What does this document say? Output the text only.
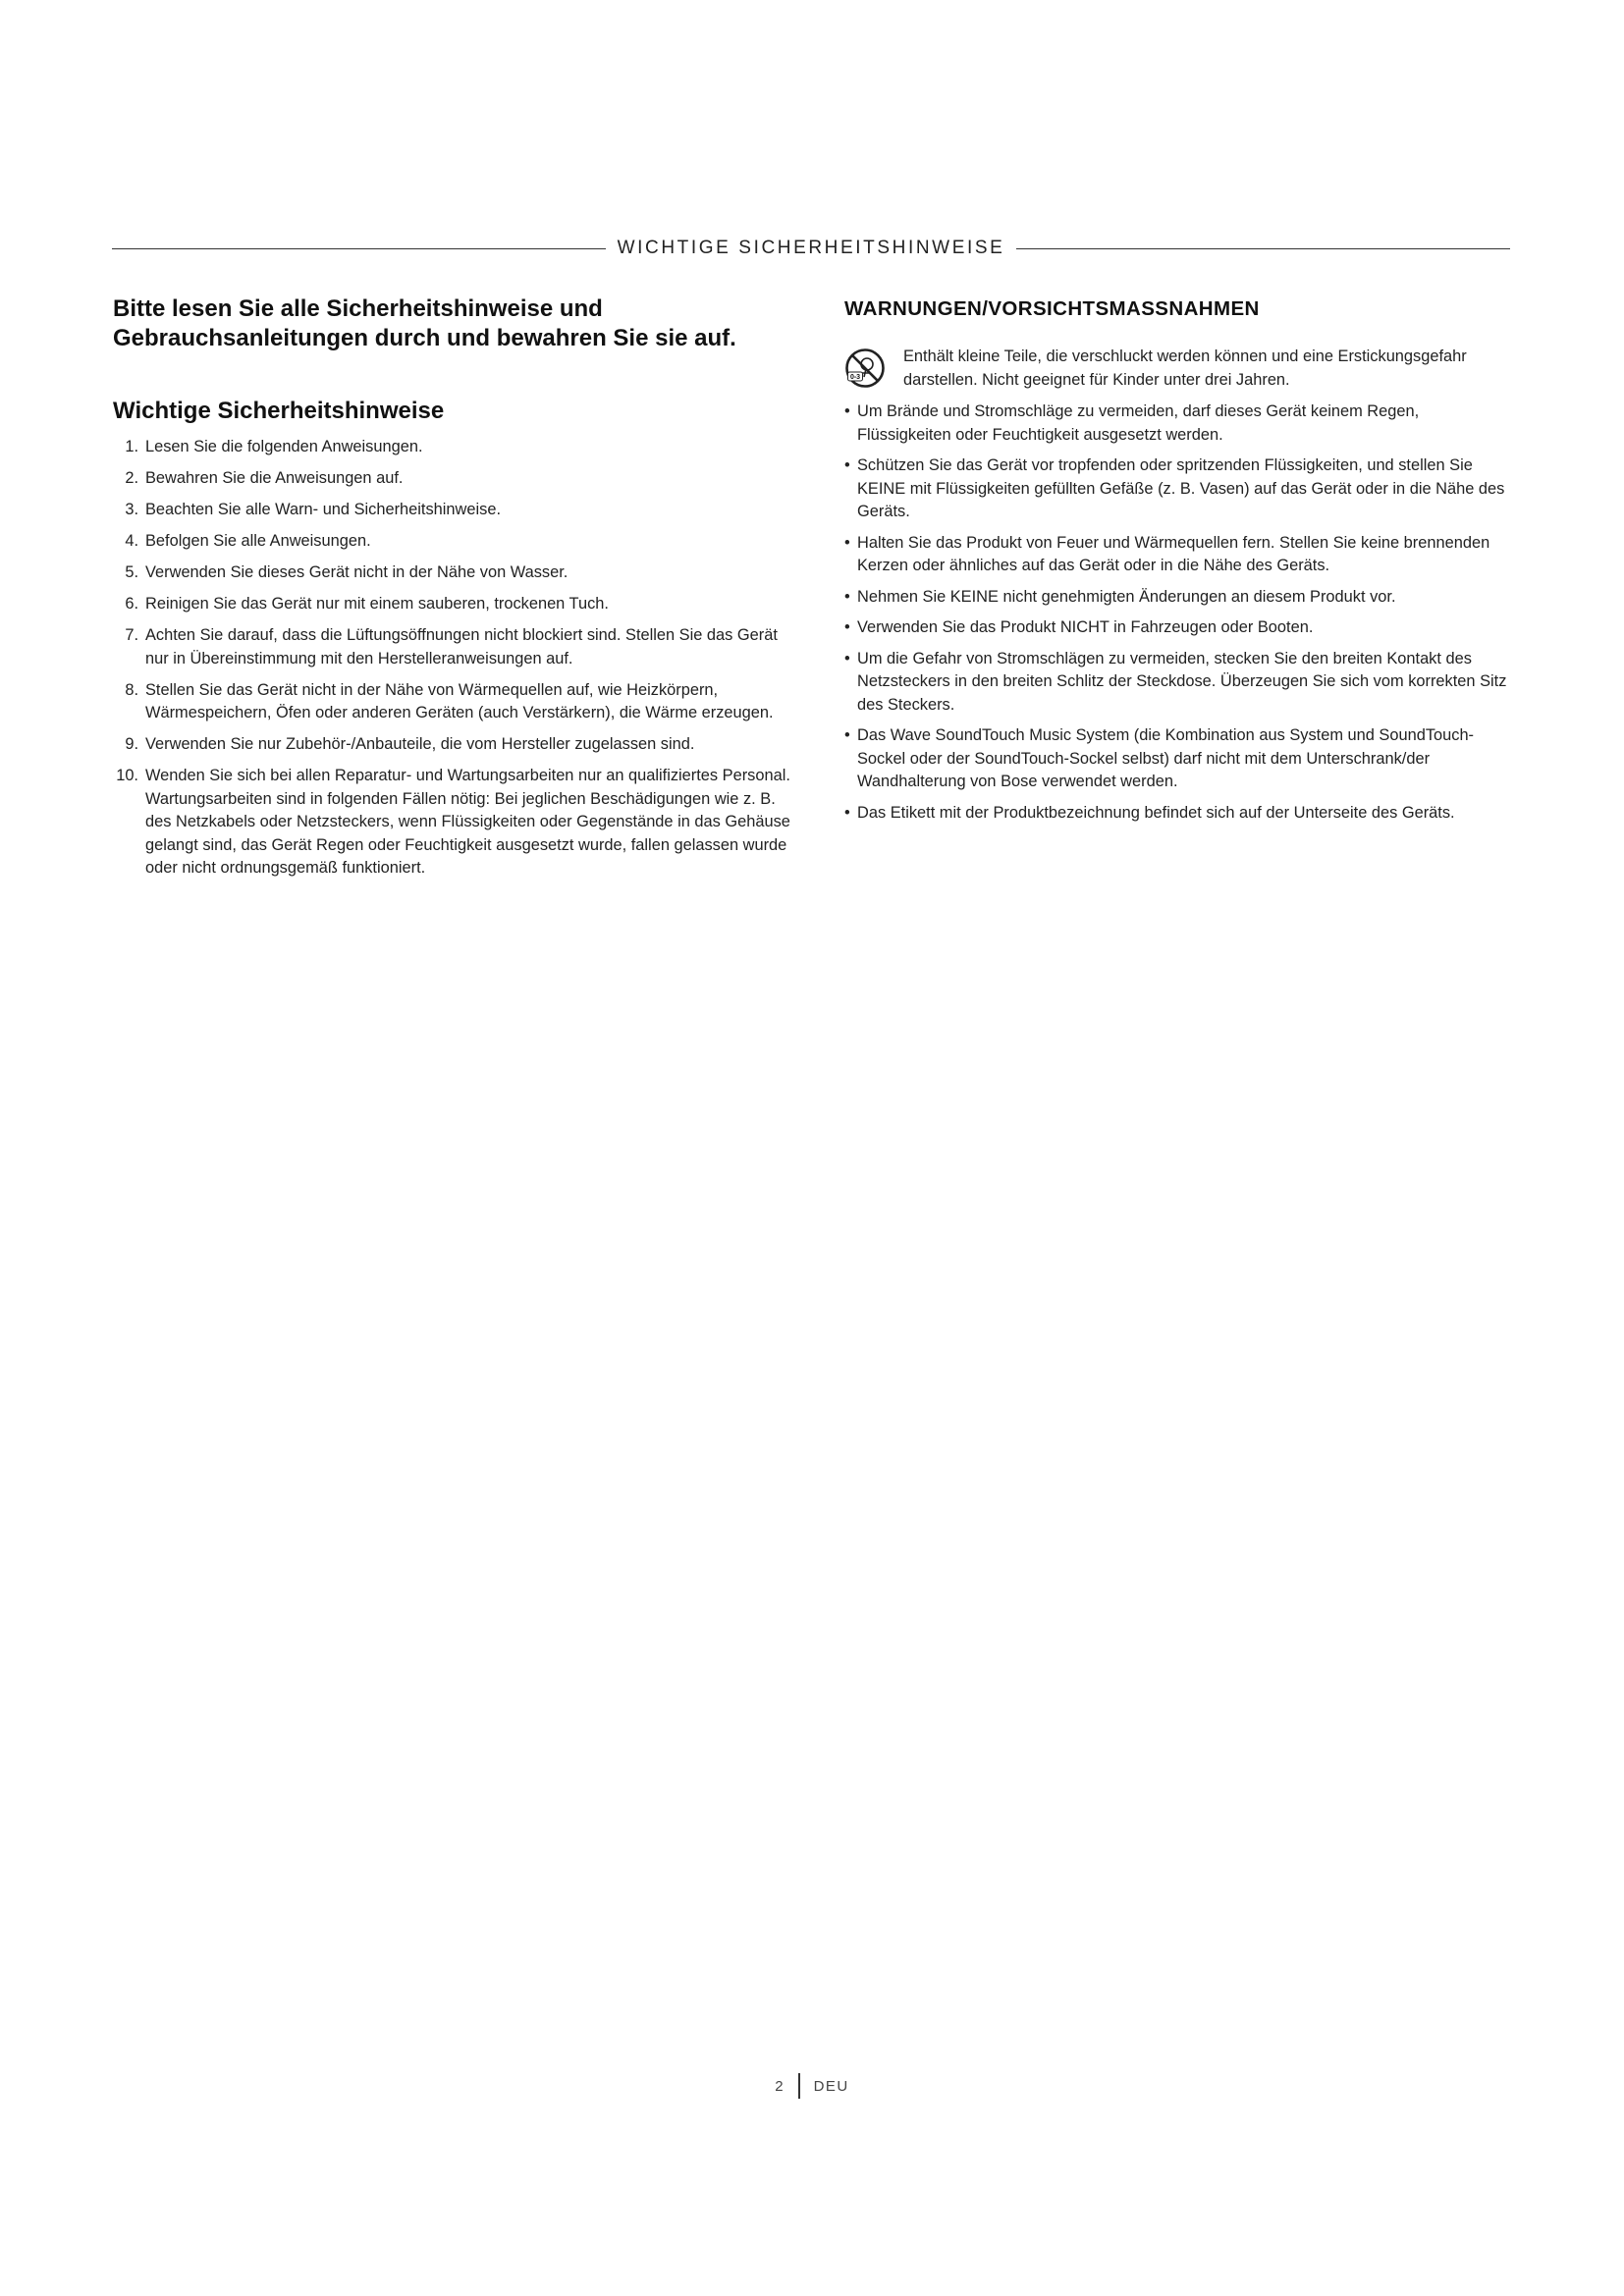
WICHTIGE SICHERHEITSHINWEISE
Bitte lesen Sie alle Sicherheitshinweise und Gebrauchsanleitungen durch und bewahren Sie sie auf.
Wichtige Sicherheitshinweise
1. Lesen Sie die folgenden Anweisungen.
2. Bewahren Sie die Anweisungen auf.
3. Beachten Sie alle Warn- und Sicherheitshinweise.
4. Befolgen Sie alle Anweisungen.
5. Verwenden Sie dieses Gerät nicht in der Nähe von Wasser.
6. Reinigen Sie das Gerät nur mit einem sauberen, trockenen Tuch.
7. Achten Sie darauf, dass die Lüftungsöffnungen nicht blockiert sind. Stellen Sie das Gerät nur in Übereinstimmung mit den Herstelleranweisungen auf.
8. Stellen Sie das Gerät nicht in der Nähe von Wärmequellen auf, wie Heizkörpern, Wärmespeichern, Öfen oder anderen Geräten (auch Verstärkern), die Wärme erzeugen.
9. Verwenden Sie nur Zubehör-/Anbauteile, die vom Hersteller zugelassen sind.
10. Wenden Sie sich bei allen Reparatur- und Wartungsarbeiten nur an qualifiziertes Personal. Wartungsarbeiten sind in folgenden Fällen nötig: Bei jeglichen Beschädigungen wie z. B. des Netzkabels oder Netzsteckers, wenn Flüssigkeiten oder Gegenstände in das Gehäuse gelangt sind, das Gerät Regen oder Feuchtigkeit ausgesetzt wurde, fallen gelassen wurde oder nicht ordnungsgemäß funktioniert.
WARNUNGEN/VORSICHTSMASSNAHMEN
0-3
Enthält kleine Teile, die verschluckt werden können und eine Erstickungsgefahr darstellen. Nicht geeignet für Kinder unter drei Jahren.
• Um Brände und Stromschläge zu vermeiden, darf dieses Gerät keinem Regen, Flüssigkeiten oder Feuchtigkeit ausgesetzt werden.
• Schützen Sie das Gerät vor tropfenden oder spritzenden Flüssigkeiten, und stellen Sie KEINE mit Flüssigkeiten gefüllten Gefäße (z. B. Vasen) auf das Gerät oder in die Nähe des Geräts.
• Halten Sie das Produkt von Feuer und Wärmequellen fern. Stellen Sie keine brennenden Kerzen oder ähnliches auf das Gerät oder in die Nähe des Geräts.
• Nehmen Sie KEINE nicht genehmigten Änderungen an diesem Produkt vor.
• Verwenden Sie das Produkt NICHT in Fahrzeugen oder Booten.
• Um die Gefahr von Stromschlägen zu vermeiden, stecken Sie den breiten Kontakt des Netzsteckers in den breiten Schlitz der Steckdose. Überzeugen Sie sich vom korrekten Sitz des Steckers.
• Das Wave SoundTouch Music System (die Kombination aus System und SoundTouch-Sockel oder der SoundTouch-Sockel selbst) darf nicht mit dem Unterschrank/der Wandhalterung von Bose verwendet werden.
• Das Etikett mit der Produktbezeichnung befindet sich auf der Unterseite des Geräts.
2 DEU
